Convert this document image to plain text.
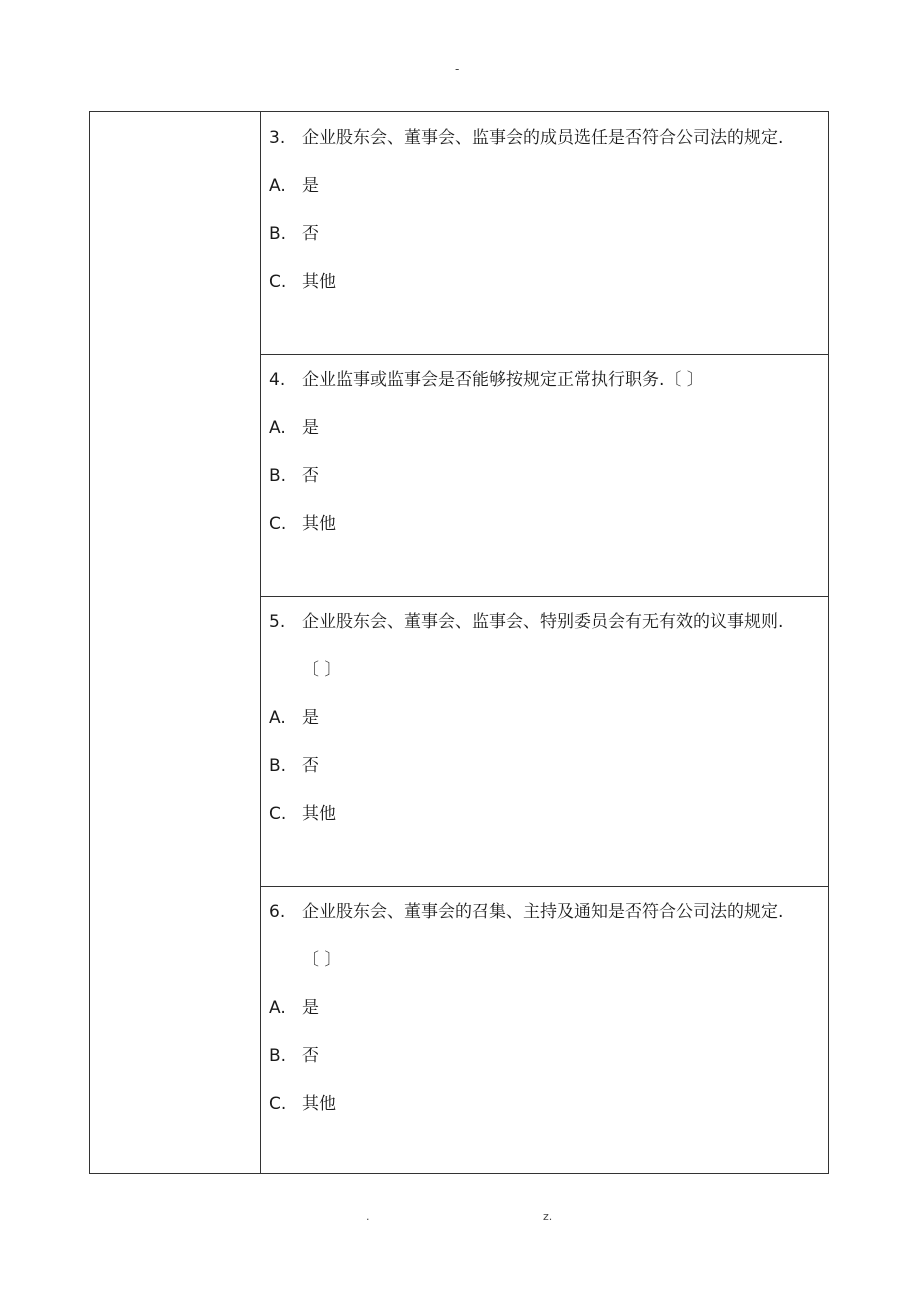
-
3. 企业股东会、董事会、监事会的成员选任是否符合公司法的规定.
A. 是
B. 否
C. 其他
4. 企业监事或监事会是否能够按规定正常执行职务.〔 〕
A. 是
B. 否
C. 其他
5. 企业股东会、董事会、监事会、特别委员会有无有效的议事规则.
〔 〕
A. 是
B. 否
C. 其他
6. 企业股东会、董事会的召集、主持及通知是否符合公司法的规定.
〔 〕
A. 是
B. 否
C. 其他
.	z.
